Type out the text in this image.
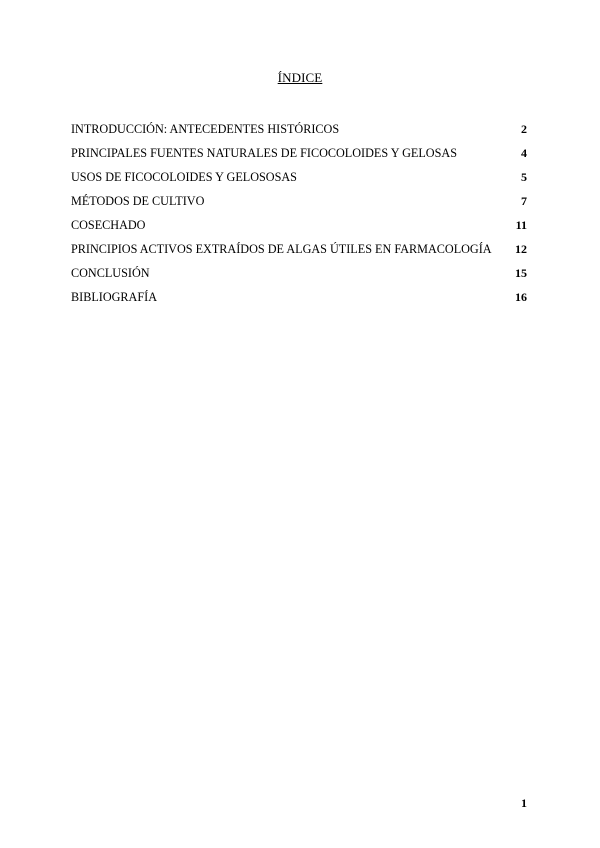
ÍNDICE
INTRODUCCIÓN: ANTECEDENTES HISTÓRICOS	2
PRINCIPALES FUENTES NATURALES DE FICOCOLOIDES Y GELOSAS	4
USOS DE FICOCOLOIDES Y GELOSOSAS	5
MÉTODOS DE CULTIVO	7
COSECHADO	11
PRINCIPIOS ACTIVOS EXTRAÍDOS DE ALGAS ÚTILES EN FARMACOLOGÍA 12
CONCLUSIÓN	15
BIBLIOGRAFÍA	16
1
